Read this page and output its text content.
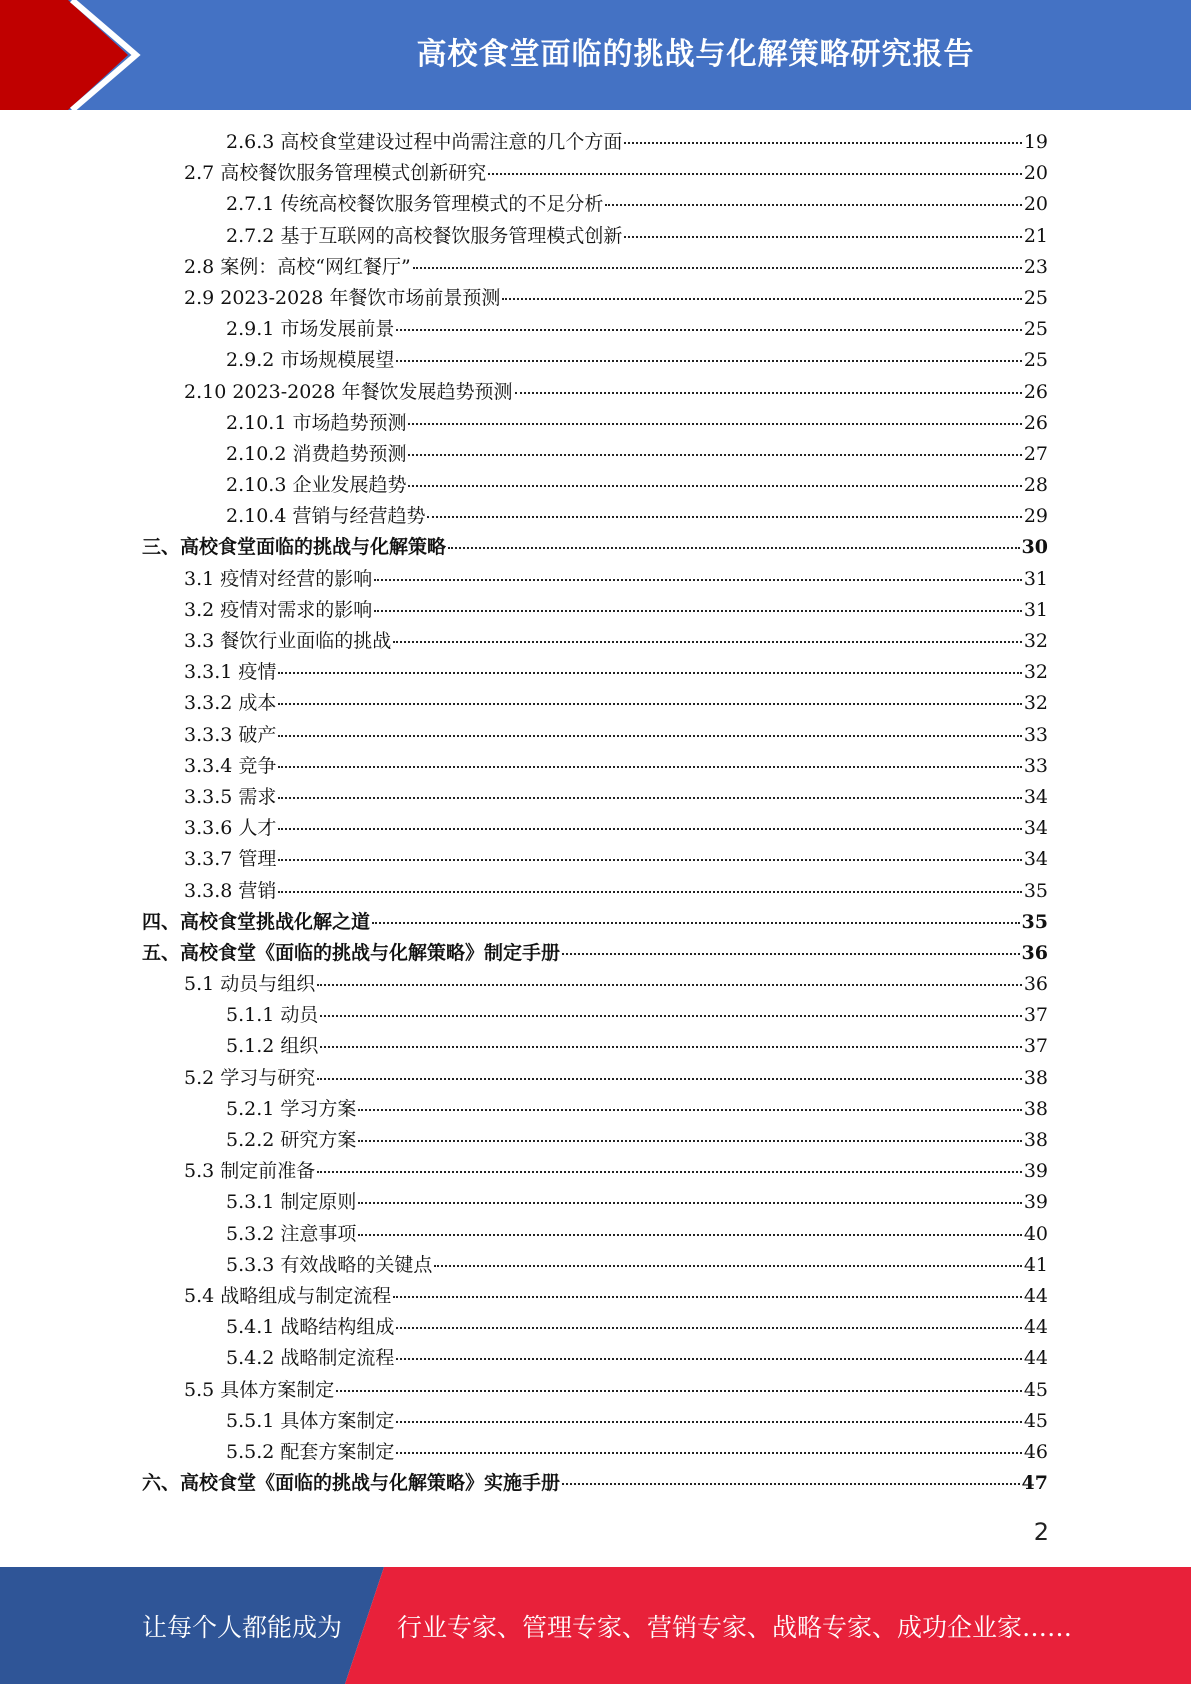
高校食堂面临的挑战与化解策略研究报告
2.6.3 高校食堂建设过程中尚需注意的几个方面	19
2.7 高校餐饮服务管理模式创新研究	20
2.7.1 传统高校餐饮服务管理模式的不足分析	20
2.7.2 基于互联网的高校餐饮服务管理模式创新	21
2.8 案例：高校“网红餐厅”	23
2.9 2023-2028 年餐饮市场前景预测	25
2.9.1 市场发展前景	25
2.9.2 市场规模展望	25
2.10 2023-2028 年餐饮发展趋势预测	26
2.10.1 市场趋势预测	26
2.10.2 消费趋势预测	27
2.10.3 企业发展趋势	28
2.10.4 营销与经营趋势	29
三、高校食堂面临的挑战与化解策略	30
3.1 疫情对经营的影响	31
3.2 疫情对需求的影响	31
3.3 餐饮行业面临的挑战	32
3.3.1 疫情	32
3.3.2 成本	32
3.3.3 破产	33
3.3.4 竞争	33
3.3.5 需求	34
3.3.6 人才	34
3.3.7 管理	34
3.3.8 营销	35
四、高校食堂挑战化解之道	35
五、高校食堂《面临的挑战与化解策略》制定手册	36
5.1 动员与组织	36
5.1.1 动员	37
5.1.2 组织	37
5.2 学习与研究	38
5.2.1 学习方案	38
5.2.2 研究方案	38
5.3 制定前准备	39
5.3.1 制定原则	39
5.3.2 注意事项	40
5.3.3 有效战略的关键点	41
5.4 战略组成与制定流程	44
5.4.1 战略结构组成	44
5.4.2 战略制定流程	44
5.5 具体方案制定	45
5.5.1 具体方案制定	45
5.5.2 配套方案制定	46
六、高校食堂《面临的挑战与化解策略》实施手册	47
2
让每个人都能成为 行业专家、管理专家、营销专家、战略专家、成功企业家……
